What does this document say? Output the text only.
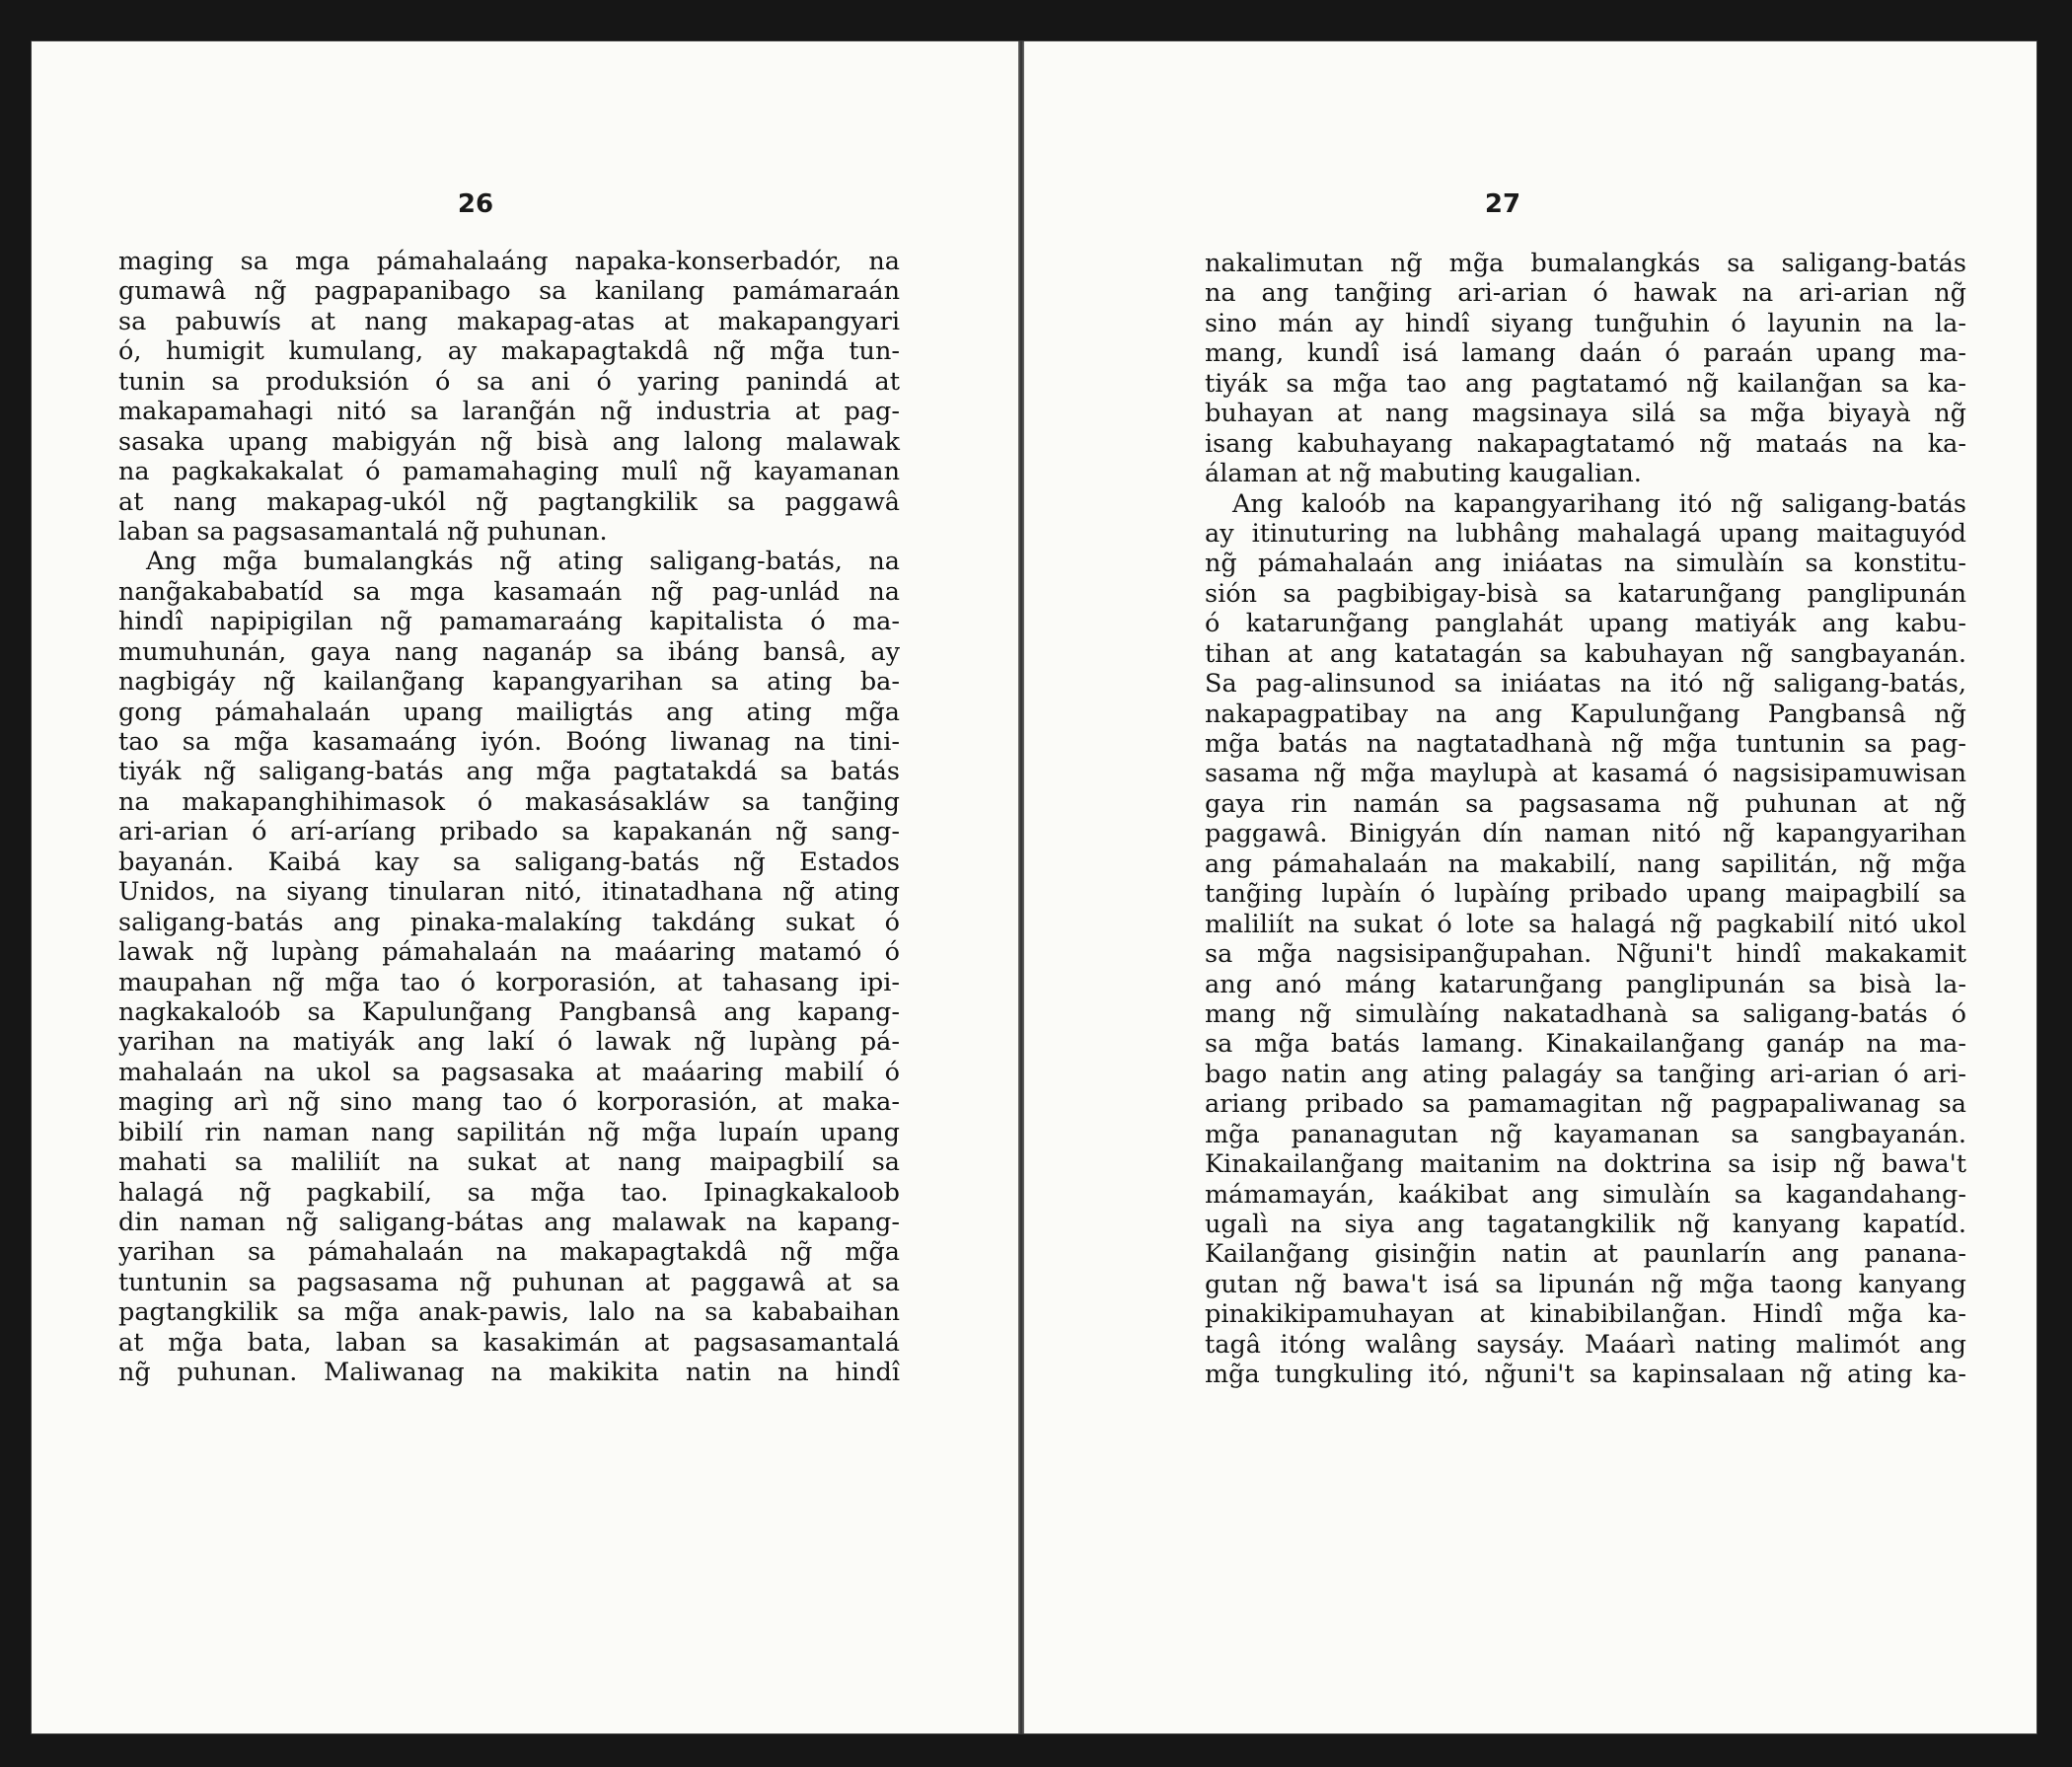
26
maging sa mga pámahalaáng napaka-konserbadór, na
gumawâ ng̃ pagpapanibago sa kanilang pamámaraán
sa pabuwís at nang makapag-atas at makapangyari
ó, humigit kumulang, ay makapagtakdâ ng̃ mg̃a tun-
tunin sa produksión ó sa ani ó yaring panindá at
makapamahagi nitó sa larang̃án ng̃ industria at pag-
sasaka upang mabigyán ng̃ bisà ang lalong malawak
na pagkakakalat ó pamamahaging mulî ng̃ kayamanan
at nang makapag-ukól ng̃ pagtangkilik sa paggawâ
laban sa pagsasamantalá ng̃ puhunan.
Ang mg̃a bumalangkás ng̃ ating saligang-batás, na
nang̃akababatíd sa mga kasamaán ng̃ pag-unlád na
hindî napipigilan ng̃ pamamaraáng kapitalista ó ma-
mumuhunán, gaya nang naganáp sa ibáng bansâ, ay
nagbigáy ng̃ kailang̃ang kapangyarihan sa ating ba-
gong pámahalaán upang mailigtás ang ating mg̃a
tao sa mg̃a kasamaáng iyón. Boóng liwanag na tini-
tiyák ng̃ saligang-batás ang mg̃a pagtatakdá sa batás
na makapanghihimasok ó makasásakláw sa tang̃ing
ari-arian ó arí-aríang pribado sa kapakanán ng̃ sang-
bayanán. Kaibá kay sa saligang-batás ng̃ Estados
Unidos, na siyang tinularan nitó, itinatadhana ng̃ ating
saligang-batás ang pinaka-malakíng takdáng sukat ó
lawak ng̃ lupàng pámahalaán na maáaring matamó ó
maupahan ng̃ mg̃a tao ó korporasión, at tahasang ipi-
nagkakaloób sa Kapulung̃ang Pangbansâ ang kapang-
yarihan na matiyák ang lakí ó lawak ng̃ lupàng pá-
mahalaán na ukol sa pagsasaka at maáaring mabilí ó
maging arì ng̃ sino mang tao ó korporasión, at maka-
bibilí rin naman nang sapilitán ng̃ mg̃a lupaín upang
mahati sa maliliít na sukat at nang maipagbilí sa
halagá ng̃ pagkabilí, sa mg̃a tao. Ipinagkakaloob
din naman ng̃ saligang-bátas ang malawak na kapang-
yarihan sa pámahalaán na makapagtakdâ ng̃ mg̃a
tuntunin sa pagsasama ng̃ puhunan at paggawâ at sa
pagtangkilik sa mg̃a anak-pawis, lalo na sa kababaihan
at mg̃a bata, laban sa kasakimán at pagsasamantalá
ng̃ puhunan. Maliwanag na makikita natin na hindî
27
nakalimutan ng̃ mg̃a bumalangkás sa saligang-batás
na ang tang̃ing ari-arian ó hawak na ari-arian ng̃
sino mán ay hindî siyang tung̃uhin ó layunin na la-
mang, kundî isá lamang daán ó paraán upang ma-
tiyák sa mg̃a tao ang pagtatamó ng̃ kailang̃an sa ka-
buhayan at nang magsinaya silá sa mg̃a biyayà ng̃
isang kabuhayang nakapagtatamó ng̃ mataás na ka-
álaman at ng̃ mabuting kaugalian.
Ang kaloób na kapangyarihang itó ng̃ saligang-batás
ay itinuturing na lubhâng mahalagá upang maitaguyód
ng̃ pámahalaán ang iniáatas na simulàín sa konstitu-
sión sa pagbibigay-bisà sa katarung̃ang panglipunán
ó katarung̃ang panglahát upang matiyák ang kabu-
tihan at ang katatagán sa kabuhayan ng̃ sangbayanán.
Sa pag-alinsunod sa iniáatas na itó ng̃ saligang-batás,
nakapagpatibay na ang Kapulung̃ang Pangbansâ ng̃
mg̃a batás na nagtatadhanà ng̃ mg̃a tuntunin sa pag-
sasama ng̃ mg̃a maylupà at kasamá ó nagsisipamuwisan
gaya rin namán sa pagsasama ng̃ puhunan at ng̃
paggawâ. Binigyán dín naman nitó ng̃ kapangyarihan
ang pámahalaán na makabilí, nang sapilitán, ng̃ mg̃a
tang̃ing lupàín ó lupàíng pribado upang maipagbilí sa
maliliít na sukat ó lote sa halagá ng̃ pagkabilí nitó ukol
sa mg̃a nagsisipang̃upahan. Ng̃uni't hindî makakamit
ang anó máng katarung̃ang panglipunán sa bisà la-
mang ng̃ simulàíng nakatadhanà sa saligang-batás ó
sa mg̃a batás lamang. Kinakailang̃ang ganáp na ma-
bago natin ang ating palagáy sa tang̃ing ari-arian ó ari-
ariang pribado sa pamamagitan ng̃ pagpapaliwanag sa
mg̃a pananagutan ng̃ kayamanan sa sangbayanán.
Kinakailang̃ang maitanim na doktrina sa isip ng̃ bawa't
mámamayán, kaákibat ang simulàín sa kagandahang-
ugalì na siya ang tagatangkilik ng̃ kanyang kapatíd.
Kailang̃ang gising̃in natin at paunlarín ang panana-
gutan ng̃ bawa't isá sa lipunán ng̃ mg̃a taong kanyang
pinakikipamuhayan at kinabibilang̃an. Hindî mg̃a ka-
tagâ itóng walâng saysáy. Maáarì nating malimót ang
mg̃a tungkuling itó, ng̃uni't sa kapinsalaan ng̃ ating ka-
